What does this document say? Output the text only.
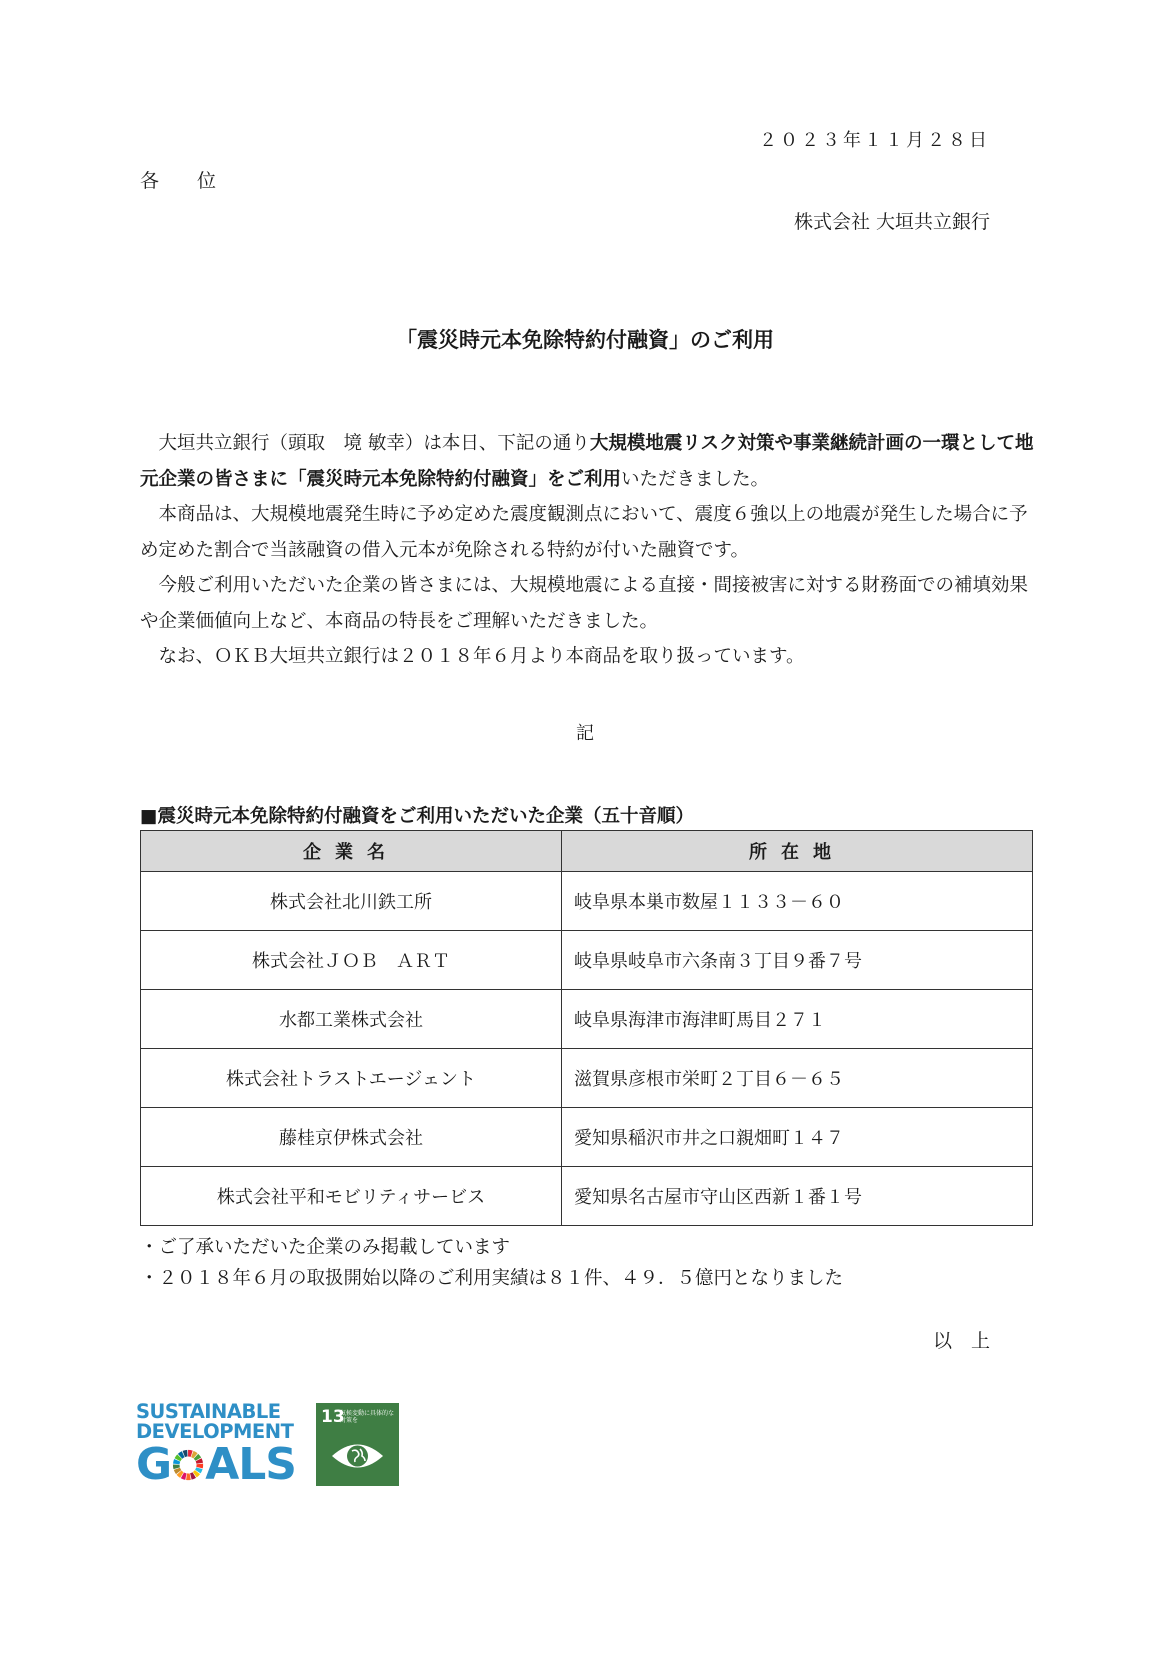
２０２３年１１月２８日
各　　位
株式会社 大垣共立銀行
「震災時元本免除特約付融資」のご利用

大垣共立銀行（頭取　境 敏幸）は本日、下記の通り大規模地震リスク対策や事業継続計画の一環として地元企業の皆さまに「震災時元本免除特約付融資」をご利用いただきました。

本商品は、大規模地震発生時に予め定めた震度観測点において、震度６強以上の地震が発生した場合に予め定めた割合で当該融資の借入元本が免除される特約が付いた融資です。

今般ご利用いただいた企業の皆さまには、大規模地震による直接・間接被害に対する財務面での補填効果や企業価値向上など、本商品の特長をご理解いただきました。

なお、ＯＫＢ大垣共立銀行は２０１８年６月より本商品を取り扱っています。

記
■震災時元本免除特約付融資をご利用いただいた企業（五十音順）
企業名	所在地
株式会社北川鉄工所	岐阜県本巣市数屋１１３３－６０
株式会社ＪＯＢ　ＡＲＴ	岐阜県岐阜市六条南３丁目９番７号
水都工業株式会社	岐阜県海津市海津町馬目２７１
株式会社トラストエージェント	滋賀県彦根市栄町２丁目６－６５
藤桂京伊株式会社	愛知県稲沢市井之口親畑町１４７
株式会社平和モビリティサービス	愛知県名古屋市守山区西新１番１号
・ご了承いただいた企業のみ掲載しています
・２０１８年６月の取扱開始以降のご利用実績は８１件、４９．５億円となりました
以　上
SUSTAINABLE
DEVELOPMENT
G ALS
13
気候変動に具体的な対策を
